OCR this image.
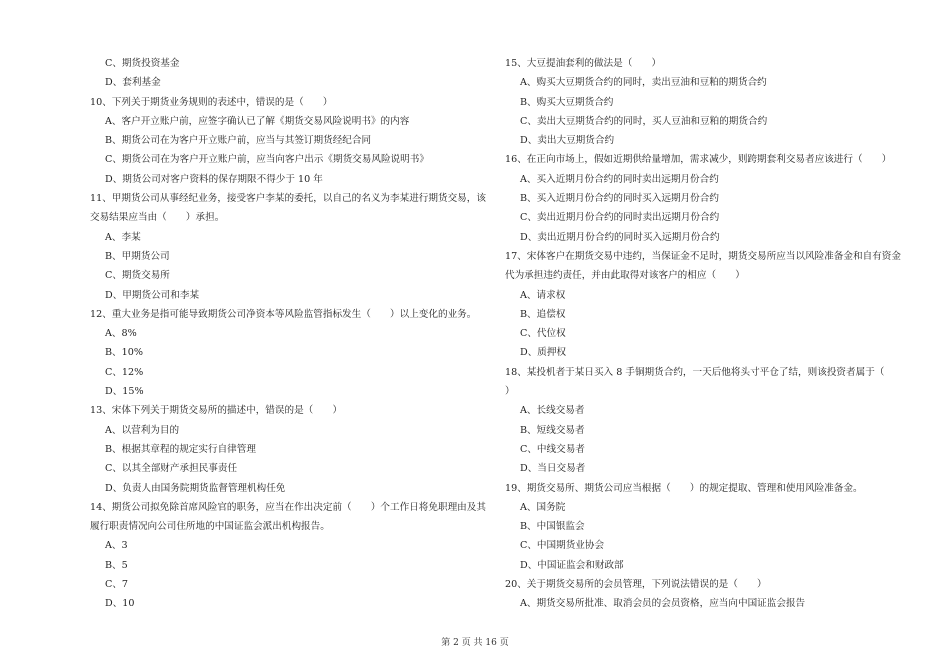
C、期货投资基金
D、套利基金
10、下列关于期货业务规则的表述中，错误的是（　　）
A、客户开立账户前，应签字确认已了解《期货交易风险说明书》的内容
B、期货公司在为客户开立账户前，应当与其签订期货经纪合同
C、期货公司在为客户开立账户前，应当向客户出示《期货交易风险说明书》
D、期货公司对客户资料的保存期限不得少于 10 年
11、甲期货公司从事经纪业务，接受客户李某的委托，以自己的名义为李某进行期货交易，该
交易结果应当由（　　）承担。
A、李某
B、甲期货公司
C、期货交易所
D、甲期货公司和李某
12、重大业务是指可能导致期货公司净资本等风险监管指标发生（　　）以上变化的业务。
A、8%
B、10%
C、12%
D、15%
13、宋体下列关于期货交易所的描述中，错误的是（　　）
A、以营利为目的
B、根据其章程的规定实行自律管理
C、以其全部财产承担民事责任
D、负责人由国务院期货监督管理机构任免
14、期货公司拟免除首席风险官的职务，应当在作出决定前（　　）个工作日将免职理由及其
履行职责情况向公司住所地的中国证监会派出机构报告。
A、3
B、5
C、7
D、10
15、大豆提油套利的做法是（　　）
A、购买大豆期货合约的同时，卖出豆油和豆粕的期货合约
B、购买大豆期货合约
C、卖出大豆期货合约的同时，买人豆油和豆粕的期货合约
D、卖出大豆期货合约
16、在正向市场上，假如近期供给量增加，需求减少，则跨期套利交易者应该进行（　　）
A、买入近期月份合约的同时卖出远期月份合约
B、买入近期月份合约的同时买入远期月份合约
C、卖出近期月份合约的同时卖出远期月份合约
D、卖出近期月份合约的同时买入远期月份合约
17、宋体客户在期货交易中违约，当保证金不足时，期货交易所应当以风险准备金和自有资金
代为承担违约责任，并由此取得对该客户的相应（　　）
A、请求权
B、追偿权
C、代位权
D、质押权
18、某投机者于某日买入 8 手铜期货合约，一天后他将头寸平仓了结，则该投资者属于（
）
A、长线交易者
B、短线交易者
C、中线交易者
D、当日交易者
19、期货交易所、期货公司应当根据（　　）的规定提取、管理和使用风险准备金。
A、国务院
B、中国银监会
C、中国期货业协会
D、中国证监会和财政部
20、关于期货交易所的会员管理，下列说法错误的是（　　）
A、期货交易所批准、取消会员的会员资格，应当向中国证监会报告
第 2 页 共 16 页
